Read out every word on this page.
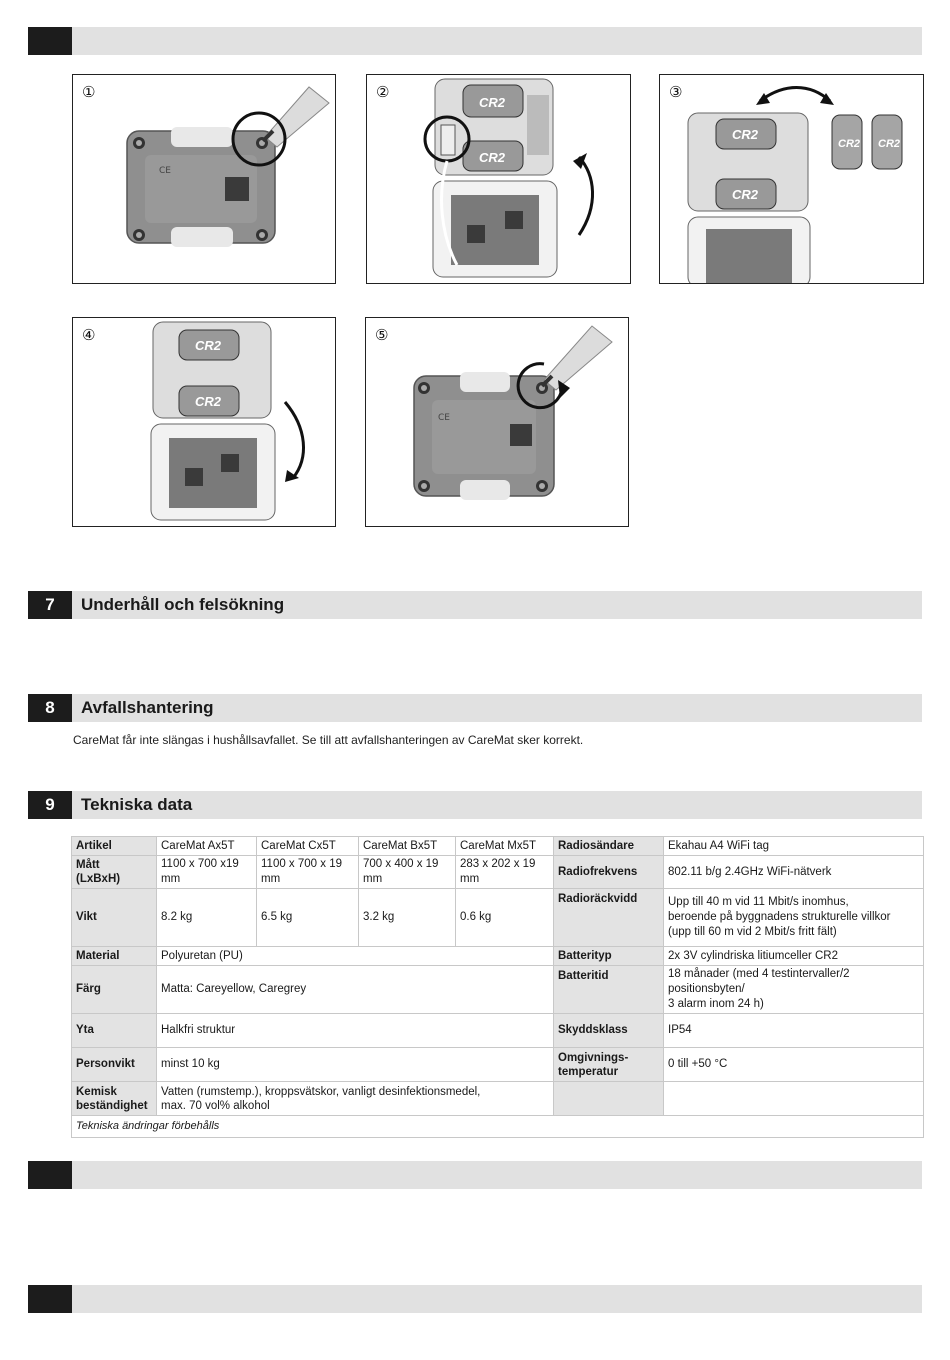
①
CE
②
CR2
CR2
③
CR2
CR2
CR2 CR2
④
CR2
CR2
⑤
CE
7	Underhåll och felsökning
8	Avfallshantering
CareMat får inte slängas i hushållsavfallet. Se till att avfallshanteringen av CareMat sker korrekt.
9	Tekniska data
Artikel	CareMat Ax5T	CareMat Cx5T	CareMat Bx5T	CareMat Mx5T	Radiosändare	Ekahau A4 WiFi tag
Mått
(LxBxH)	1100 x 700 x19 mm	1100 x 700 x 19 mm	700 x 400 x 19 mm	283 x 202 x 19 mm	Radiofrekvens	802.11 b/g 2.4GHz WiFi-nätverk
Vikt	8.2 kg	6.5 kg	3.2 kg	0.6 kg	Radioräckvidd	Upp till 40 m vid 11 Mbit/s inomhus,
beroende på byggnadens strukturelle villkor
(upp till 60 m vid 2 Mbit/s fritt fält)
Material	Polyuretan (PU)				Batterityp	2x 3V cylindriska litiumceller CR2
Färg	Matta: Careyellow, Caregrey				Batteritid	18 månader (med 4 testintervaller/2 positionsbyten/
3 alarm inom 24 h)
Yta	Halkfri struktur				Skyddsklass	IP54
Personvikt	minst 10 kg				Omgivnings-
temperatur	0 till +50 °C
Kemisk
beständighet	Vatten (rumstemp.), kroppsvätskor, vanligt desinfektionsmedel,
max. 70 vol% alkohol					
Tekniska ändringar förbehålls						
